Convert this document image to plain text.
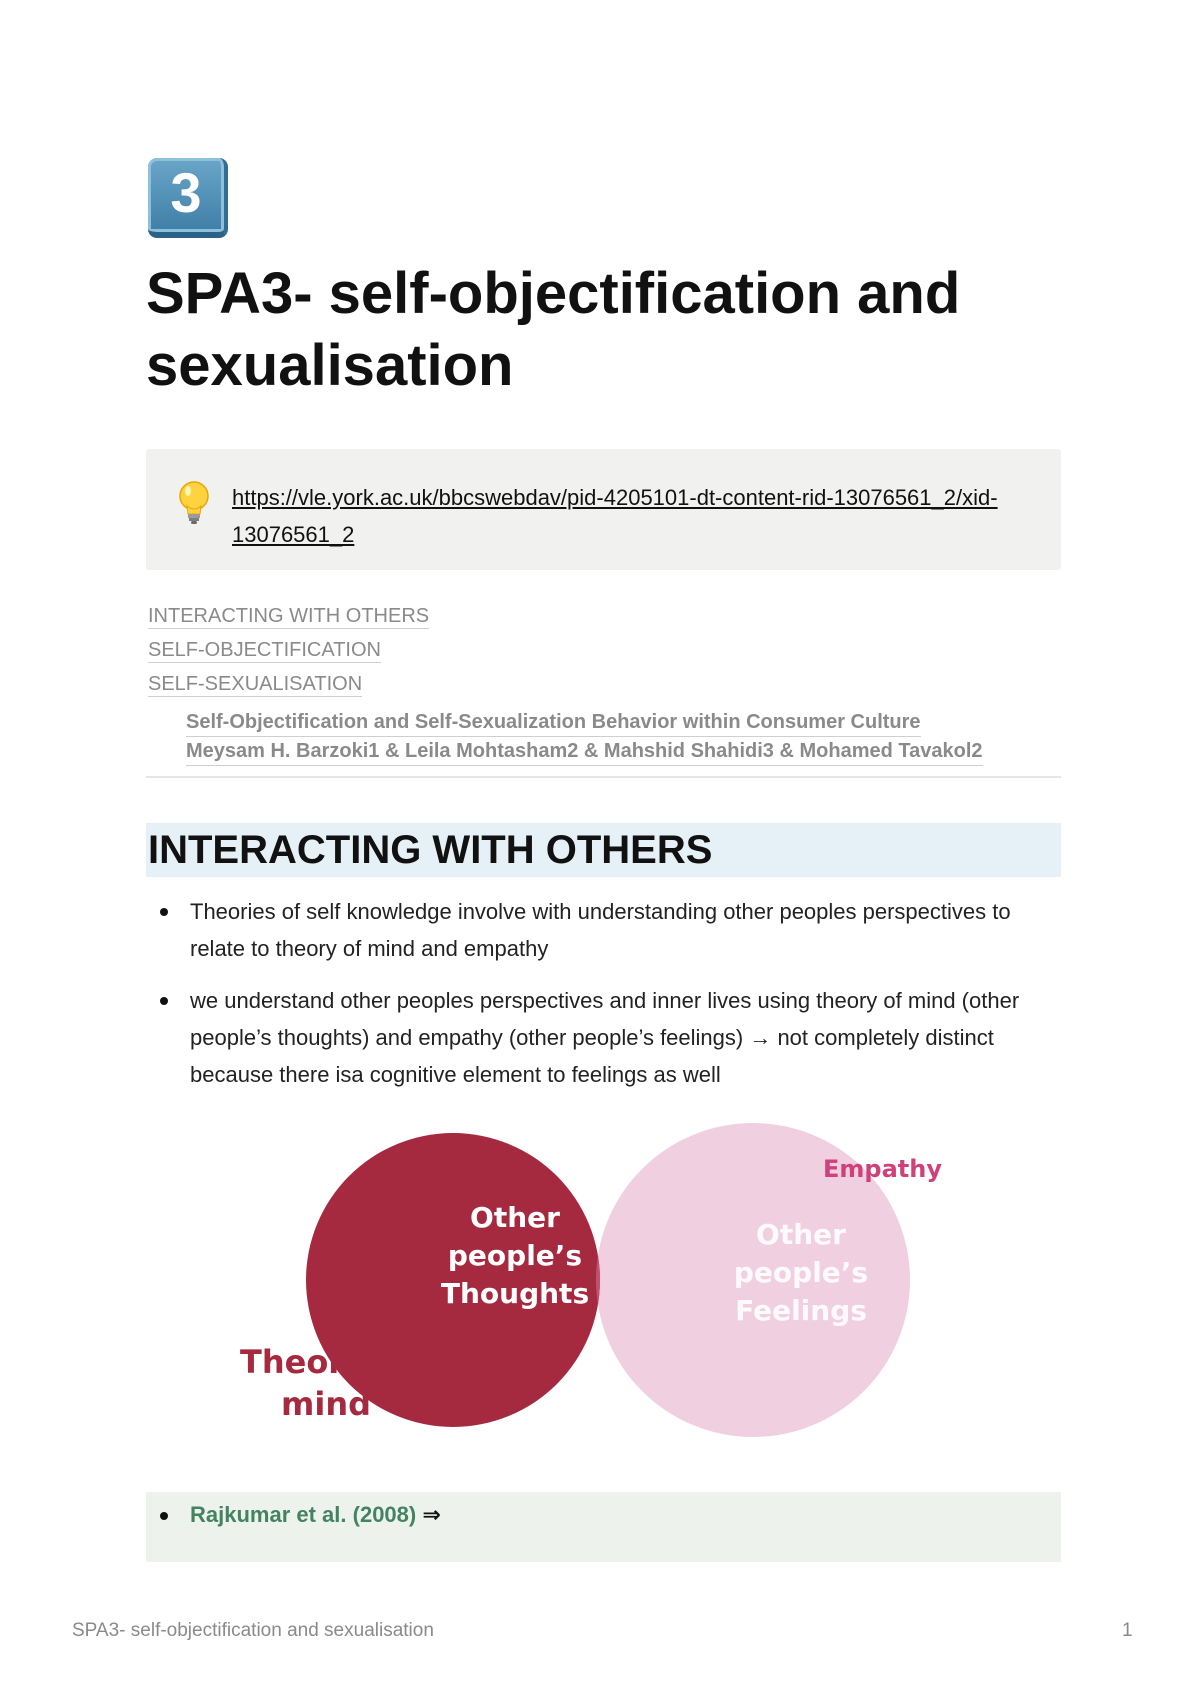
3
SPA3- self-objectification and sexualisation
https://vle.york.ac.uk/bbcswebdav/pid-4205101-dt-content-rid-13076561_2/xid-13076561_2
INTERACTING WITH OTHERS
SELF-OBJECTIFICATION
SELF-SEXUALISATION
Self-Objectification and Self-Sexualization Behavior within Consumer Culture
Meysam H. Barzoki1 & Leila Mohtasham2 & Mahshid Shahidi3 & Mohamed Tavakol2
INTERACTING WITH OTHERS
Theories of self knowledge involve with understanding other peoples perspectives to relate to theory of mind and empathy
we understand other peoples perspectives and inner lives using theory of mind (other people’s thoughts) and empathy (other people’s feelings) → not completely distinct because there isa cognitive element to feelings as well
Other
people’s
Thoughts
Other
people’s
Feelings
Theory of
mind
Empathy
Rajkumar et al. (2008) ⇒
SPA3- self-objectification and sexualisation	1
